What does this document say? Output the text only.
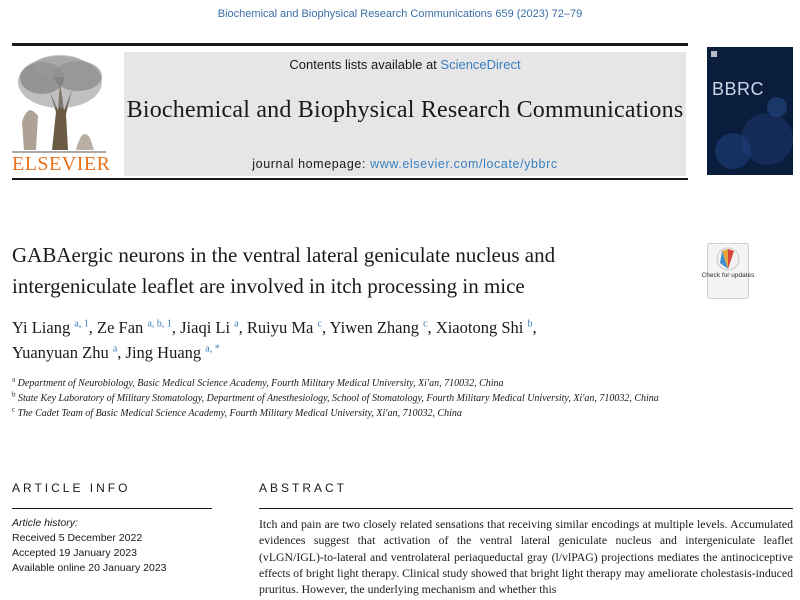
Biochemical and Biophysical Research Communications 659 (2023) 72–79
ELSEVIER
Contents lists available at ScienceDirect
Biochemical and Biophysical Research Communications
journal homepage: www.elsevier.com/locate/ybbrc
BBRC
GABAergic neurons in the ventral lateral geniculate nucleus and
intergeniculate leaflet are involved in itch processing in mice	Check for updates
Yi Liang $^{a, 1}$, Ze Fan $^{a, b, 1}$, Jiaqi Li $^a$, Ruiyu Ma $^c$, Yiwen Zhang $^c$, Xiaotong Shi $^b$,
Yuanyuan Zhu $^a$, Jing Huang $^{a, *}$
$^a$ Department of Neurobiology, Basic Medical Science Academy, Fourth Military Medical University, Xi'an, 710032, China
$^b$ State Key Laboratory of Military Stomatology, Department of Anesthesiology, School of Stomatology, Fourth Military Medical University, Xi'an, 710032, China
$^c$ The Cadet Team of Basic Medical Science Academy, Fourth Military Medical University, Xi'an, 710032, China
ARTICLE INFO
Article history:
Received 5 December 2022
Accepted 19 January 2023
Available online 20 January 2023
ABSTRACT
Itch and pain are two closely related sensations that receiving similar encodings at multiple levels. Accumulated evidences suggest that activation of the ventral lateral geniculate nucleus and intergeniculate leaflet (vLGN/IGL)-to-lateral and ventrolateral periaqueductal gray (l/vlPAG) projections mediates the antinociceptive effects of bright light therapy. Clinical study showed that bright light therapy may ameliorate cholestasis-induced pruritus. However, the underlying mechanism and whether this
